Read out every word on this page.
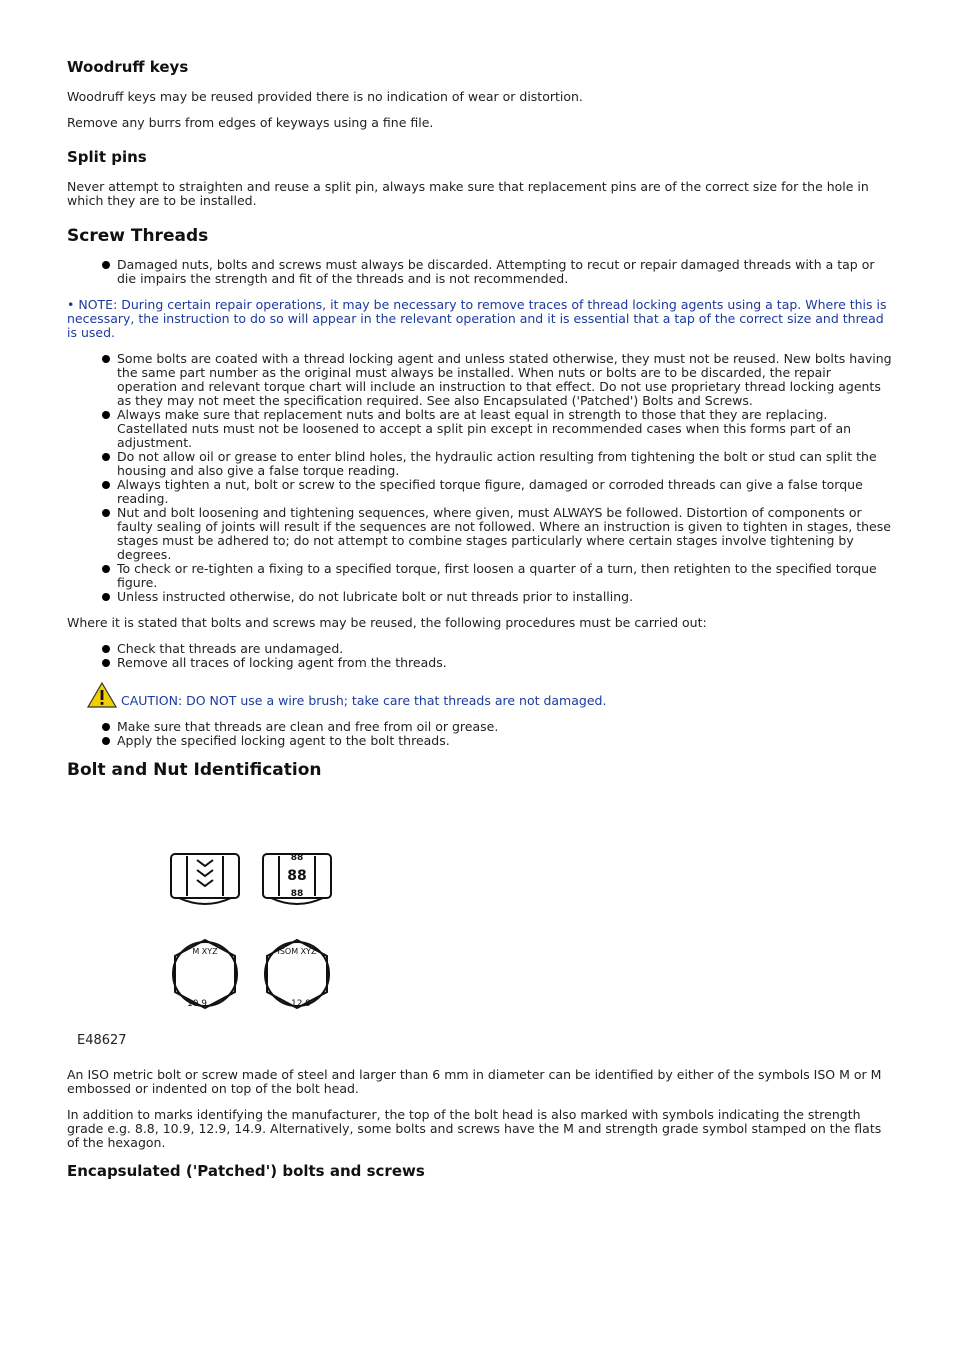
Woodruff keys

Woodruff keys may be reused provided there is no indication of wear or distortion.

Remove any burrs from edges of keyways using a fine file.

Split pins

Never attempt to straighten and reuse a split pin, always make sure that replacement pins are of the correct size for the hole in which they are to be installed.

Screw Threads
Damaged nuts, bolts and screws must always be discarded. Attempting to recut or repair damaged threads with a tap or die impairs the strength and fit of the threads and is not recommended.

• NOTE: During certain repair operations, it may be necessary to remove traces of thread locking agents using a tap. Where this is necessary, the instruction to do so will appear in the relevant operation and it is essential that a tap of the correct size and thread is used.

Some bolts are coated with a thread locking agent and unless stated otherwise, they must not be reused. New bolts having the same part number as the original must always be installed. When nuts or bolts are to be discarded, the repair operation and relevant torque chart will include an instruction to that effect. Do not use proprietary thread locking agents as they may not meet the specification required. See also Encapsulated ('Patched') Bolts and Screws.
Always make sure that replacement nuts and bolts are at least equal in strength to those that they are replacing. Castellated nuts must not be loosened to accept a split pin except in recommended cases when this forms part of an adjustment.
Do not allow oil or grease to enter blind holes, the hydraulic action resulting from tightening the bolt or stud can split the housing and also give a false torque reading.
Always tighten a nut, bolt or screw to the specified torque figure, damaged or corroded threads can give a false torque reading.
Nut and bolt loosening and tightening sequences, where given, must ALWAYS be followed. Distortion of components or faulty sealing of joints will result if the sequences are not followed. Where an instruction is given to tighten in stages, these stages must be adhered to; do not attempt to combine stages particularly where certain stages involve tightening by degrees.
To check or re-tighten a fixing to a specified torque, first loosen a quarter of a turn, then retighten to the specified torque figure.
Unless instructed otherwise, do not lubricate bolt or nut threads prior to installing.

Where it is stated that bolts and screws may be reused, the following procedures must be carried out:

Check that threads are undamaged.
Remove all traces of locking agent from the threads.
CAUTION: DO NOT use a wire brush; take care that threads are not damaged.
Make sure that threads are clean and free from oil or grease.
Apply the specified locking agent to the bolt threads.
Bolt and Nut Identification
88
88
88
M XYZ
10.9
ISOM XYZ
12.9
E48627

An ISO metric bolt or screw made of steel and larger than 6 mm in diameter can be identified by either of the symbols ISO M or M embossed or indented on top of the bolt head.

In addition to marks identifying the manufacturer, the top of the bolt head is also marked with symbols indicating the strength grade e.g. 8.8, 10.9, 12.9, 14.9. Alternatively, some bolts and screws have the M and strength grade symbol stamped on the flats of the hexagon.

Encapsulated ('Patched') bolts and screws
